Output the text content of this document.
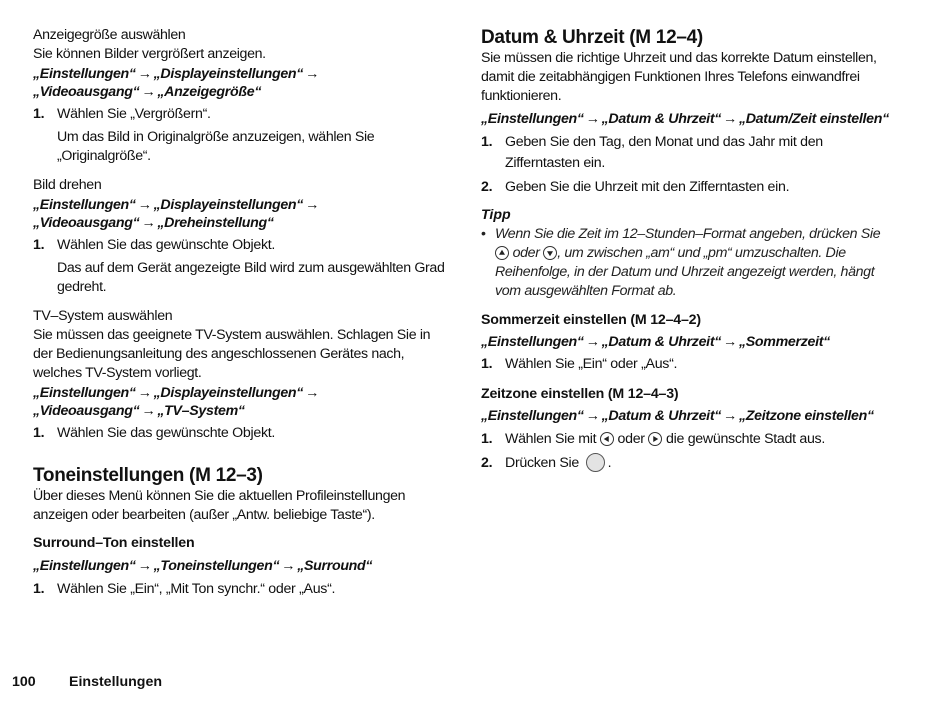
Anzeigegröße auswählen
Sie können Bilder vergrößert anzeigen.
„Einstellungen“ → „Displayeinstellungen“ →
„Videoausgang“ → „Anzeigegröße“
1. Wählen Sie „Vergrößern“.
Um das Bild in Originalgröße anzuzeigen, wählen Sie „Originalgröße“.
Bild drehen
„Einstellungen“ → „Displayeinstellungen“ →
„Videoausgang“ → „Dreheinstellung“
1. Wählen Sie das gewünschte Objekt.
Das auf dem Gerät angezeigte Bild wird zum ausgewählten Grad gedreht.
TV–System auswählen
Sie müssen das geeignete TV-System auswählen. Schlagen Sie in der Bedienungsanleitung des angeschlossenen Gerätes nach, welches TV-System vorliegt.
„Einstellungen“ → „Displayeinstellungen“ →
„Videoausgang“ → „TV–System“
1. Wählen Sie das gewünschte Objekt.
Toneinstellungen (M 12–3)
Über dieses Menü können Sie die aktuellen Profileinstellungen anzeigen oder bearbeiten (außer „Antw. beliebige Taste“).
Surround–Ton einstellen
„Einstellungen“ → „Toneinstellungen“ → „Surround“
1. Wählen Sie „Ein“, „Mit Ton synchr.“ oder „Aus“.
Datum & Uhrzeit (M 12–4)
Sie müssen die richtige Uhrzeit und das korrekte Datum einstellen, damit die zeitabhängigen Funktionen Ihres Telefons einwandfrei funktionieren.
„Einstellungen“ → „Datum & Uhrzeit“ → „Datum/Zeit einstellen“
1. Geben Sie den Tag, den Monat und das Jahr mit den Zifferntasten ein.
2. Geben Sie die Uhrzeit mit den Zifferntasten ein.
Tipp
• Wenn Sie die Zeit im 12–Stunden–Format angeben, drücken Sie  oder , um zwischen „am“ und „pm“ umzuschalten. Die Reihenfolge, in der Datum und Uhrzeit angezeigt werden, hängt vom ausgewählten Format ab.
Sommerzeit einstellen (M 12–4–2)
„Einstellungen“ → „Datum & Uhrzeit“ → „Sommerzeit“
1. Wählen Sie „Ein“ oder „Aus“.
Zeitzone einstellen (M 12–4–3)
„Einstellungen“ → „Datum & Uhrzeit“ → „Zeitzone einstellen“
1. Wählen Sie mit oder die gewünschte Stadt aus.
2. Drücken Sie .
100 Einstellungen
